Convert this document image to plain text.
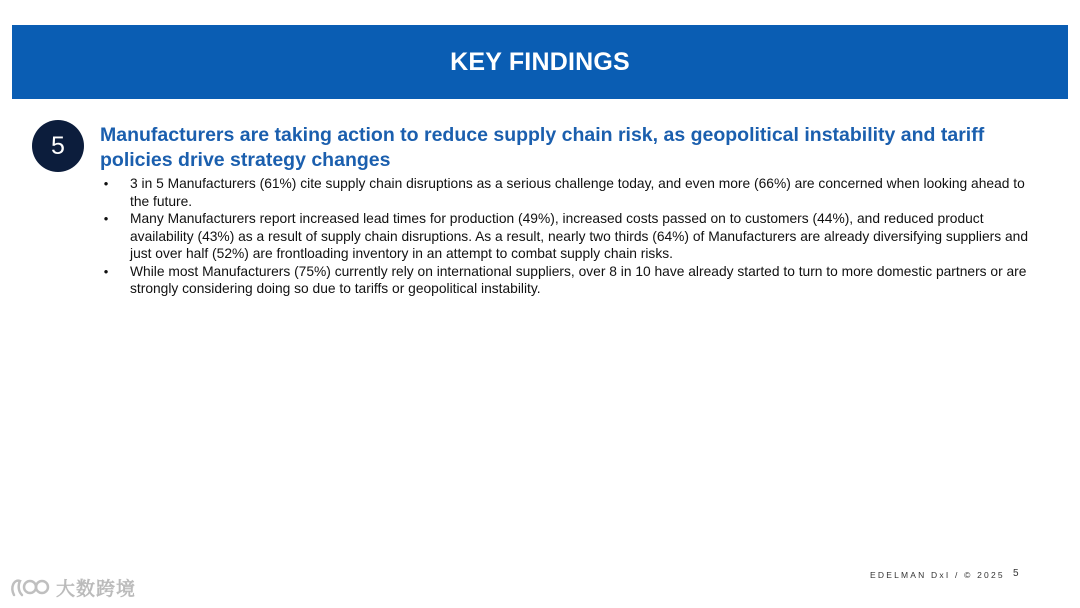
KEY FINDINGS
5	Manufacturers are taking action to reduce supply chain risk, as geopolitical instability and tariff policies drive strategy changes
• 3 in 5 Manufacturers (61%) cite supply chain disruptions as a serious challenge today, and even more (66%) are concerned when looking ahead to the future.
• Many Manufacturers report increased lead times for production (49%), increased costs passed on to customers (44%), and reduced product availability (43%) as a result of supply chain disruptions. As a result, nearly two thirds (64%) of Manufacturers are already diversifying suppliers and just over half (52%) are frontloading inventory in an attempt to combat supply chain risks.
• While most Manufacturers (75%) currently rely on international suppliers, over 8 in 10 have already started to turn to more domestic partners or are strongly considering doing so due to tariffs or geopolitical instability.
EDELMAN DxI / © 2025 5
大数跨境
